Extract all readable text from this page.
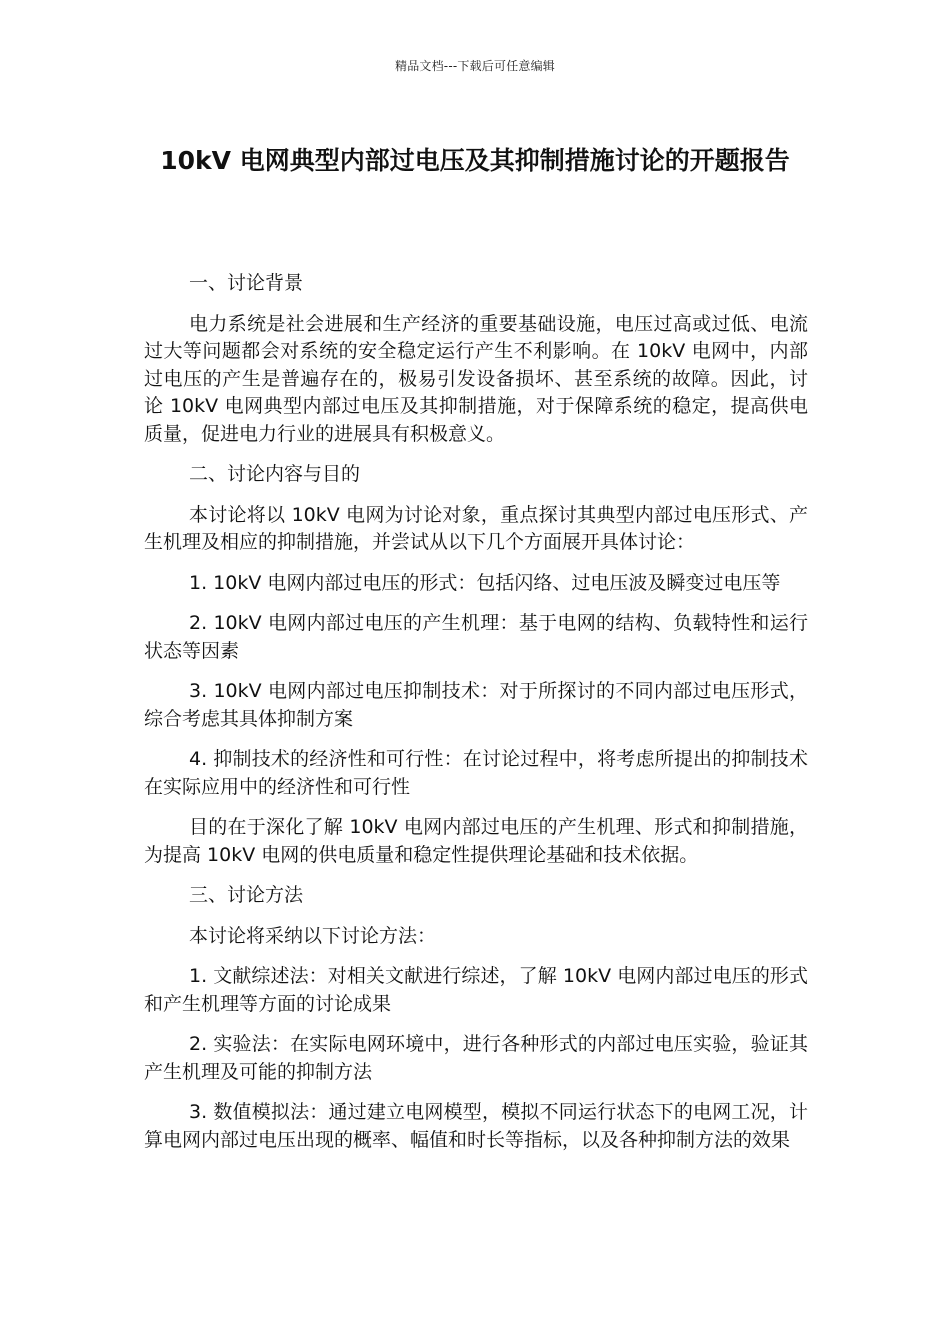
精品文档---下载后可任意编辑
10kV 电网典型内部过电压及其抑制措施讨论的开题报告

一、讨论背景

电力系统是社会进展和生产经济的重要基础设施，电压过高或过低、电流过大等问题都会对系统的安全稳定运行产生不利影响。在 10kV 电网中，内部过电压的产生是普遍存在的，极易引发设备损坏、甚至系统的故障。因此，讨论 10kV 电网典型内部过电压及其抑制措施，对于保障系统的稳定，提高供电质量，促进电力行业的进展具有积极意义。

二、讨论内容与目的

本讨论将以 10kV 电网为讨论对象，重点探讨其典型内部过电压形式、产生机理及相应的抑制措施，并尝试从以下几个方面展开具体讨论：

1. 10kV 电网内部过电压的形式：包括闪络、过电压波及瞬变过电压等

2. 10kV 电网内部过电压的产生机理：基于电网的结构、负载特性和运行状态等因素

3. 10kV 电网内部过电压抑制技术：对于所探讨的不同内部过电压形式，综合考虑其具体抑制方案

4. 抑制技术的经济性和可行性：在讨论过程中，将考虑所提出的抑制技术在实际应用中的经济性和可行性

目的在于深化了解 10kV 电网内部过电压的产生机理、形式和抑制措施，为提高 10kV 电网的供电质量和稳定性提供理论基础和技术依据。

三、讨论方法

本讨论将采纳以下讨论方法：

1. 文献综述法：对相关文献进行综述，了解 10kV 电网内部过电压的形式和产生机理等方面的讨论成果

2. 实验法：在实际电网环境中，进行各种形式的内部过电压实验，验证其产生机理及可能的抑制方法

3. 数值模拟法：通过建立电网模型，模拟不同运行状态下的电网工况，计算电网内部过电压出现的概率、幅值和时长等指标，以及各种抑制方法的效果
